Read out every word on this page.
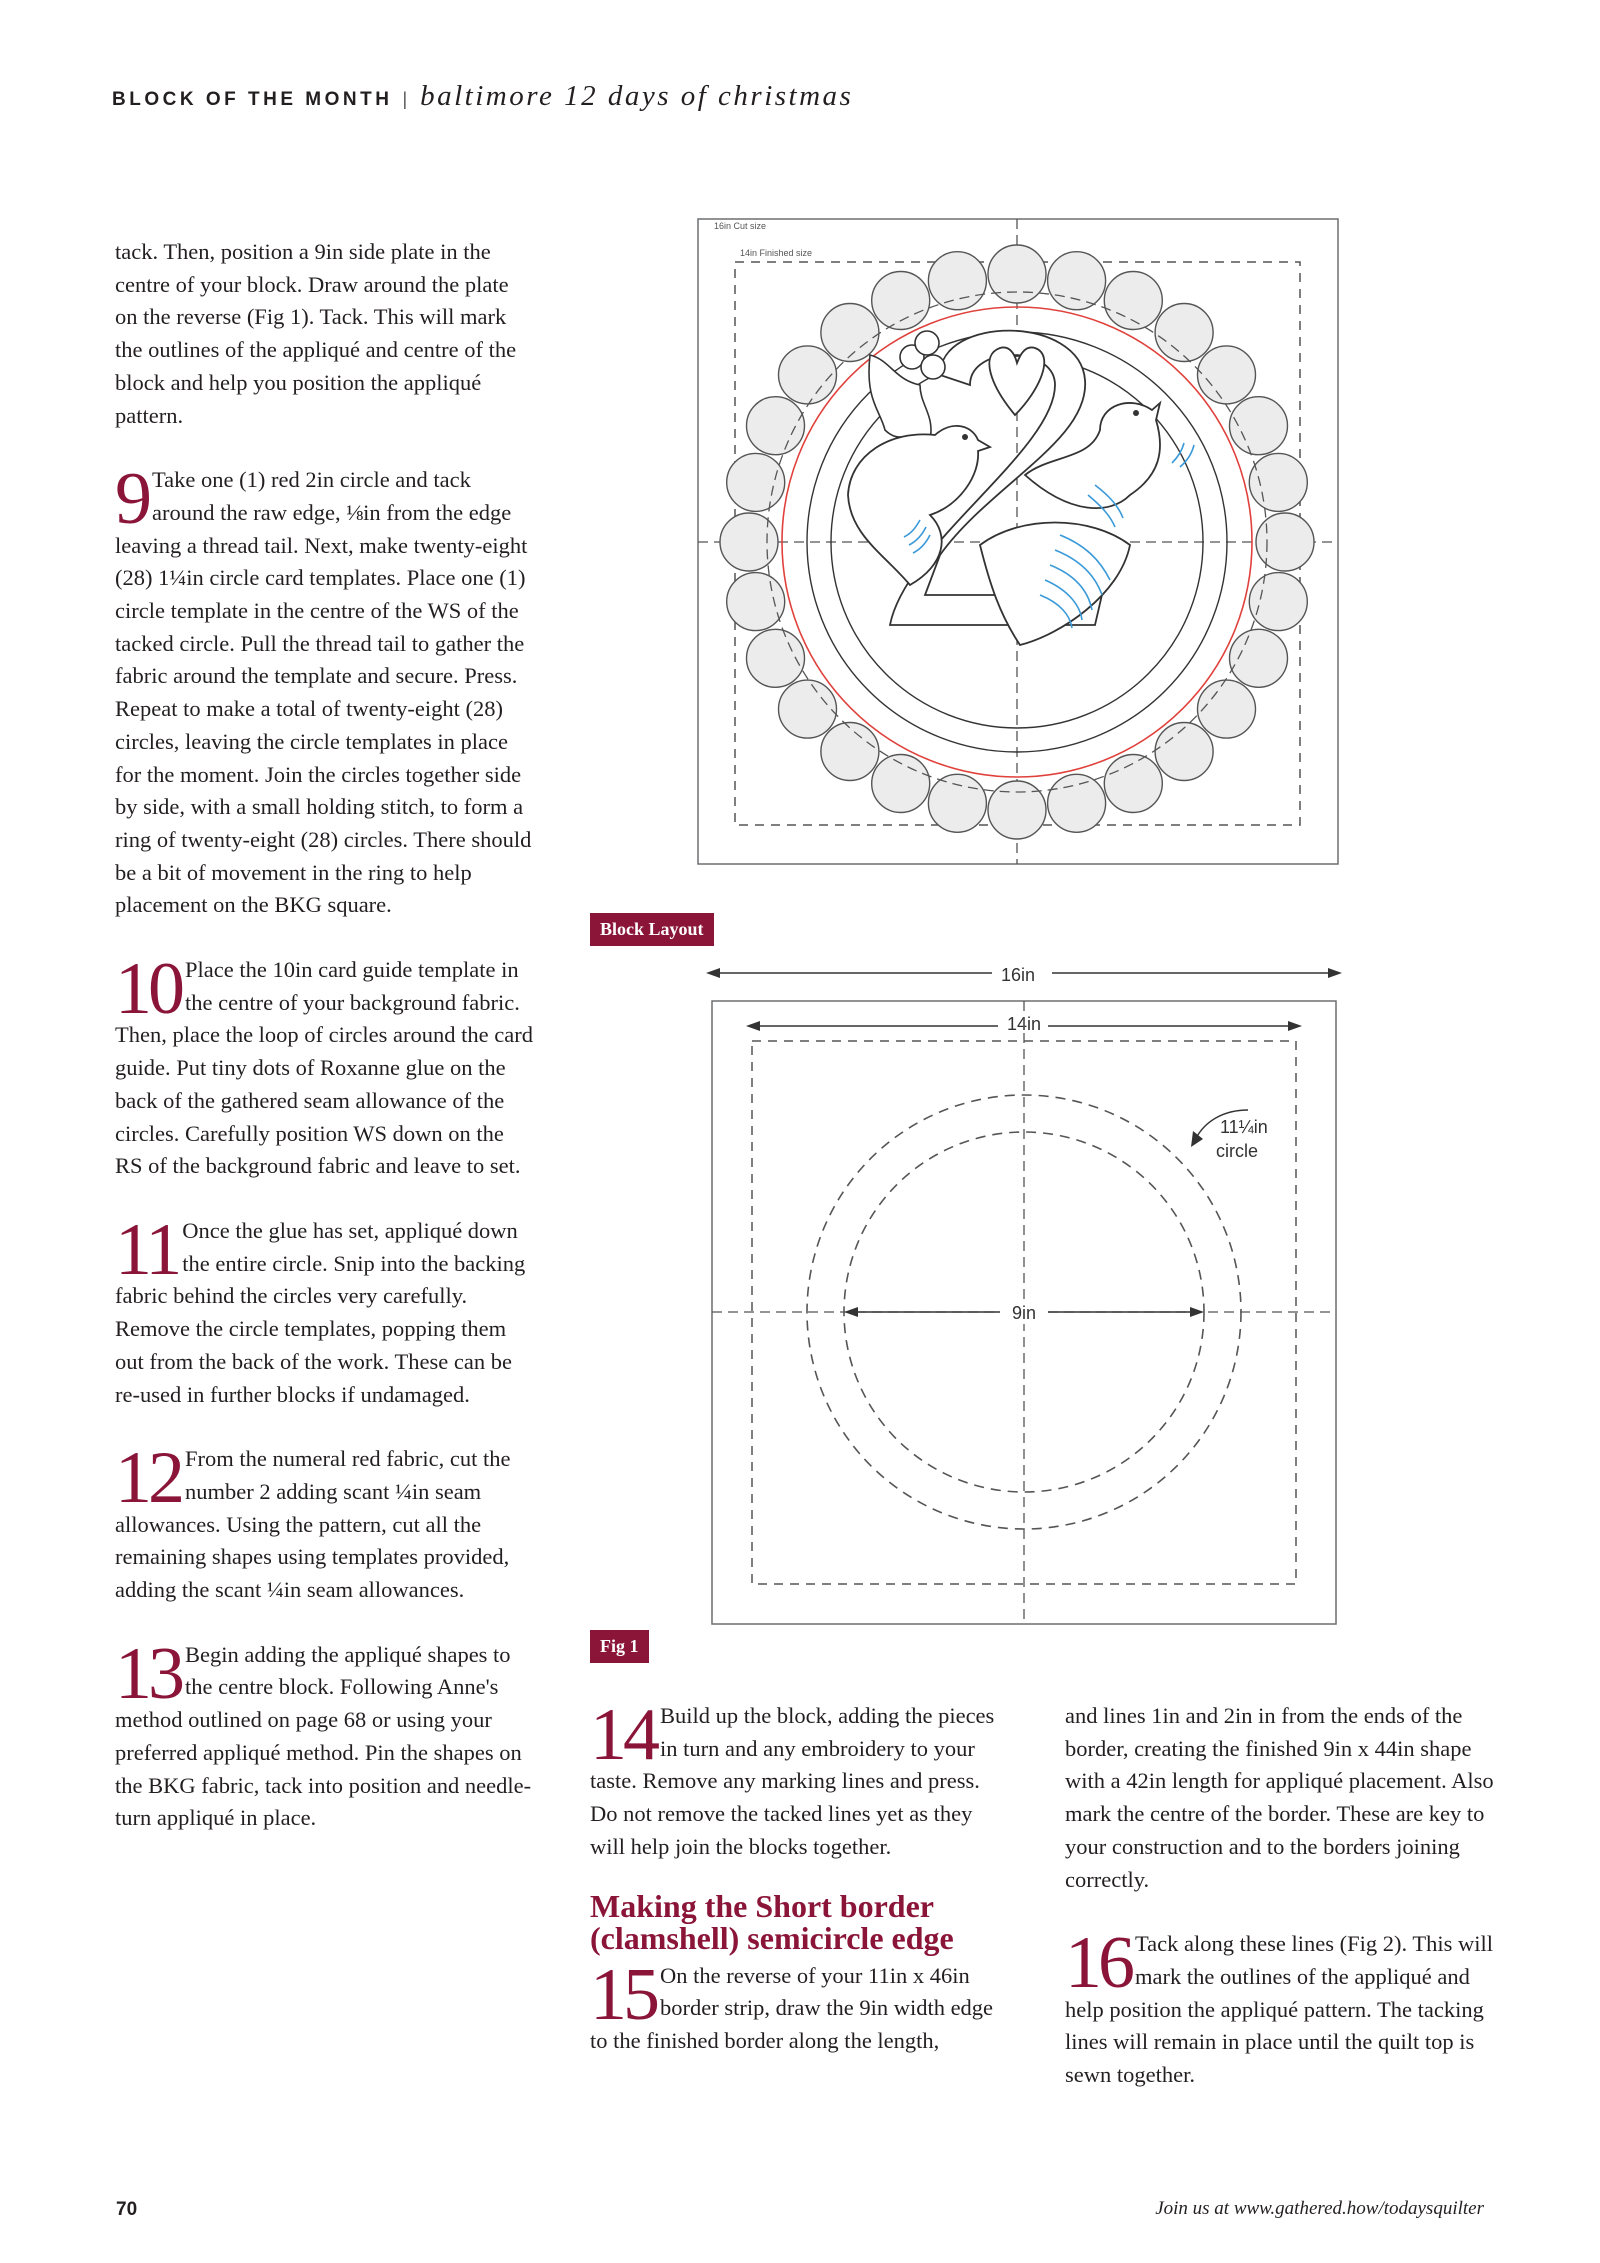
BLOCK OF THE MONTH | baltimore 12 days of christmas

tack. Then, position a 9in side plate in the centre of your block. Draw around the plate on the reverse (Fig 1). Tack. This will mark the outlines of the appliqué and centre of the block and help you position the appliqué pattern.

9 Take one (1) red 2in circle and tack around the raw edge, ⅛in from the edge leaving a thread tail. Next, make twenty-eight (28) 1¼in circle card templates. Place one (1) circle template in the centre of the WS of the tacked circle. Pull the thread tail to gather the fabric around the template and secure. Press. Repeat to make a total of twenty-eight (28) circles, leaving the circle templates in place for the moment. Join the circles together side by side, with a small holding stitch, to form a ring of twenty-eight (28) circles. There should be a bit of movement in the ring to help placement on the BKG square.

10 Place the 10in card guide template in the centre of your background fabric. Then, place the loop of circles around the card guide. Put tiny dots of Roxanne glue on the back of the gathered seam allowance of the circles. Carefully position WS down on the RS of the background fabric and leave to set.

11 Once the glue has set, appliqué down the entire circle. Snip into the backing fabric behind the circles very carefully. Remove the circle templates, popping them out from the back of the work. These can be re-used in further blocks if undamaged.

12 From the numeral red fabric, cut the number 2 adding scant ¼in seam allowances. Using the pattern, cut all the remaining shapes using templates provided, adding the scant ¼in seam allowances.

13 Begin adding the appliqué shapes to the centre block. Following Anne's method outlined on page 68 or using your preferred appliqué method. Pin the shapes on the BKG fabric, tack into position and needle-turn appliqué in place.

16in Cut size
14in Finished size
Block Layout
16in
14in
9in
11¼in
circle
Fig 1

14 Build up the block, adding the pieces in turn and any embroidery to your taste. Remove any marking lines and press. Do not remove the tacked lines yet as they will help join the blocks together.

Making the Short border (clamshell) semicircle edge

15 On the reverse of your 11in x 46in border strip, draw the 9in width edge to the finished border along the length,

and lines 1in and 2in in from the ends of the border, creating the finished 9in x 44in shape with a 42in length for appliqué placement. Also mark the centre of the border. These are key to your construction and to the borders joining correctly.

16 Tack along these lines (Fig 2). This will mark the outlines of the appliqué and help position the appliqué pattern. The tacking lines will remain in place until the quilt top is sewn together.

70	Join us at www.gathered.how/todaysquilter
